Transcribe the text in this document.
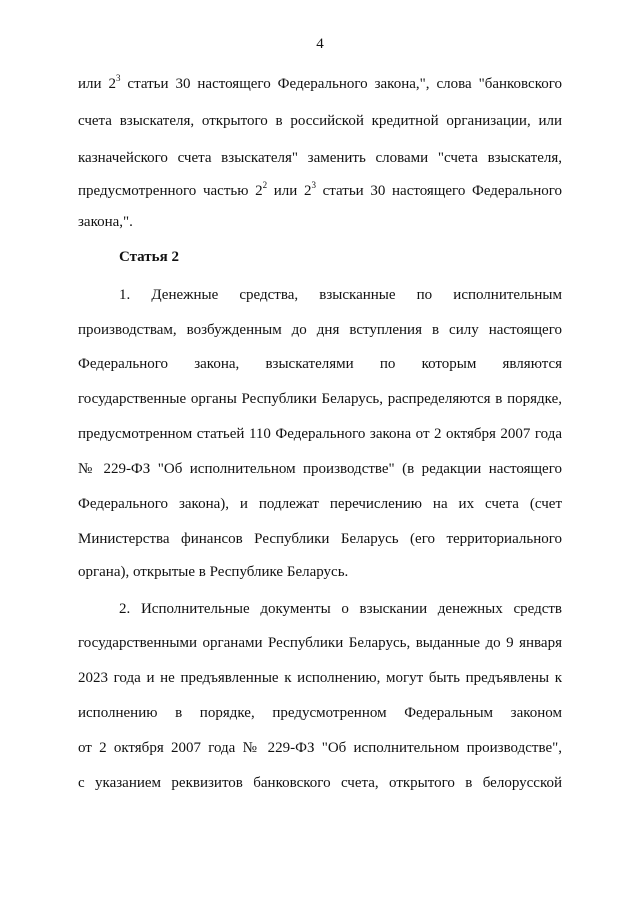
4
или $2^3$ статьи 30 настоящего Федерального закона,", слова "банковского
счета взыскателя, открытого в российской кредитной организации, или
казначейского счета взыскателя" заменить словами "счета взыскателя,
предусмотренного частью $2^2$ или $2^3$ статьи 30 настоящего Федерального
закона,".
Статья 2
1. Денежные средства, взысканные по исполнительным
производствам, возбужденным до дня вступления в силу настоящего
Федерального закона, взыскателями по которым являются
государственные органы Республики Беларусь, распределяются в порядке,
предусмотренном статьей 110 Федерального закона от 2 октября 2007 года
№ 229-ФЗ "Об исполнительном производстве" (в редакции настоящего
Федерального закона), и подлежат перечислению на их счета (счет
Министерства финансов Республики Беларусь (его территориального
органа), открытые в Республике Беларусь.
2. Исполнительные документы о взыскании денежных средств
государственными органами Республики Беларусь, выданные до 9 января
2023 года и не предъявленные к исполнению, могут быть предъявлены к
исполнению в порядке, предусмотренном Федеральным законом
от 2 октября 2007 года № 229-ФЗ "Об исполнительном производстве",
с указанием реквизитов банковского счета, открытого в белорусской
